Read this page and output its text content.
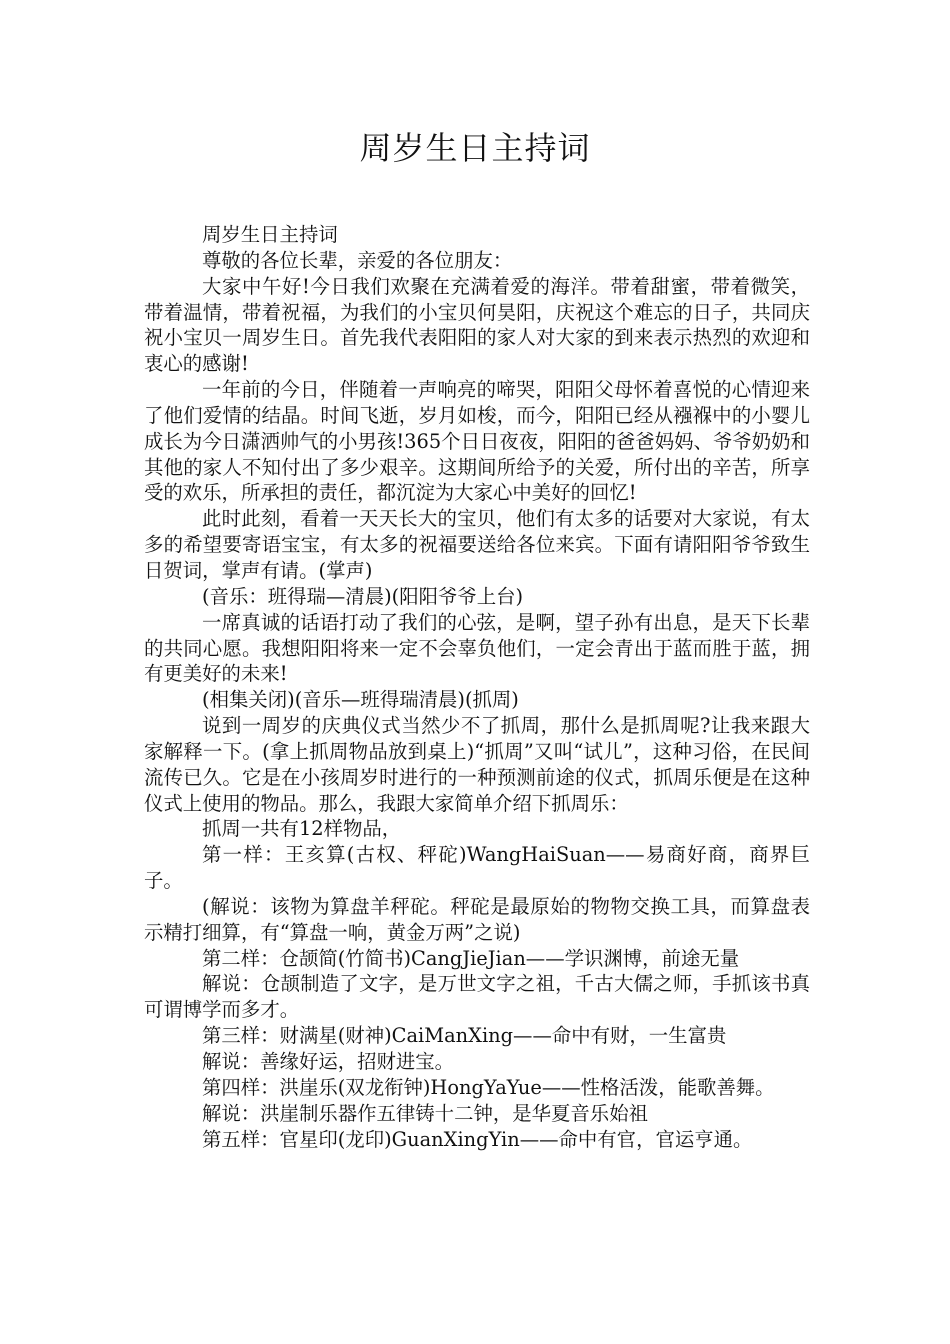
周岁生日主持词

周岁生日主持词

尊敬的各位长辈，亲爱的各位朋友：

大家中午好!今日我们欢聚在充满着爱的海洋。带着甜蜜，带着微笑，带着温情，带着祝福，为我们的小宝贝何昊阳，庆祝这个难忘的日子，共同庆祝小宝贝一周岁生日。首先我代表阳阳的家人对大家的到来表示热烈的欢迎和衷心的感谢!

一年前的今日，伴随着一声响亮的啼哭，阳阳父母怀着喜悦的心情迎来了他们爱情的结晶。时间飞逝，岁月如梭，而今，阳阳已经从襁褓中的小婴儿成长为今日潇洒帅气的小男孩!365个日日夜夜，阳阳的爸爸妈妈、爷爷奶奶和其他的家人不知付出了多少艰辛。这期间所给予的关爱，所付出的辛苦，所享受的欢乐，所承担的责任，都沉淀为大家心中美好的回忆!

此时此刻，看着一天天长大的宝贝，他们有太多的话要对大家说，有太多的希望要寄语宝宝，有太多的祝福要送给各位来宾。下面有请阳阳爷爷致生日贺词，掌声有请。(掌声)

(音乐：班得瑞—清晨)(阳阳爷爷上台)

一席真诚的话语打动了我们的心弦，是啊，望子孙有出息，是天下长辈的共同心愿。我想阳阳将来一定不会辜负他们，一定会青出于蓝而胜于蓝，拥有更美好的未来!

(相集关闭)(音乐—班得瑞清晨)(抓周)

说到一周岁的庆典仪式当然少不了抓周，那什么是抓周呢?让我来跟大家解释一下。(拿上抓周物品放到桌上)“抓周”又叫“试儿”，这种习俗，在民间流传已久。它是在小孩周岁时进行的一种预测前途的仪式，抓周乐便是在这种仪式上使用的物品。那么，我跟大家简单介绍下抓周乐：

抓周一共有12样物品，

第一样：王亥算(古权、秤砣)WangHaiSuan——易商好商，商界巨子。

(解说：该物为算盘羊秤砣。秤砣是最原始的物物交换工具，而算盘表示精打细算，有“算盘一响，黄金万两”之说)

第二样：仓颉简(竹简书)CangJieJian——学识渊博，前途无量

解说：仓颉制造了文字，是万世文字之祖，千古大儒之师，手抓该书真可谓博学而多才。

第三样：财满星(财神)CaiManXing——命中有财，一生富贵

解说：善缘好运，招财进宝。

第四样：洪崖乐(双龙衔钟)HongYaYue——性格活泼，能歌善舞。

解说：洪崖制乐器作五律铸十二钟，是华夏音乐始祖

第五样：官星印(龙印)GuanXingYin——命中有官，官运亨通。
